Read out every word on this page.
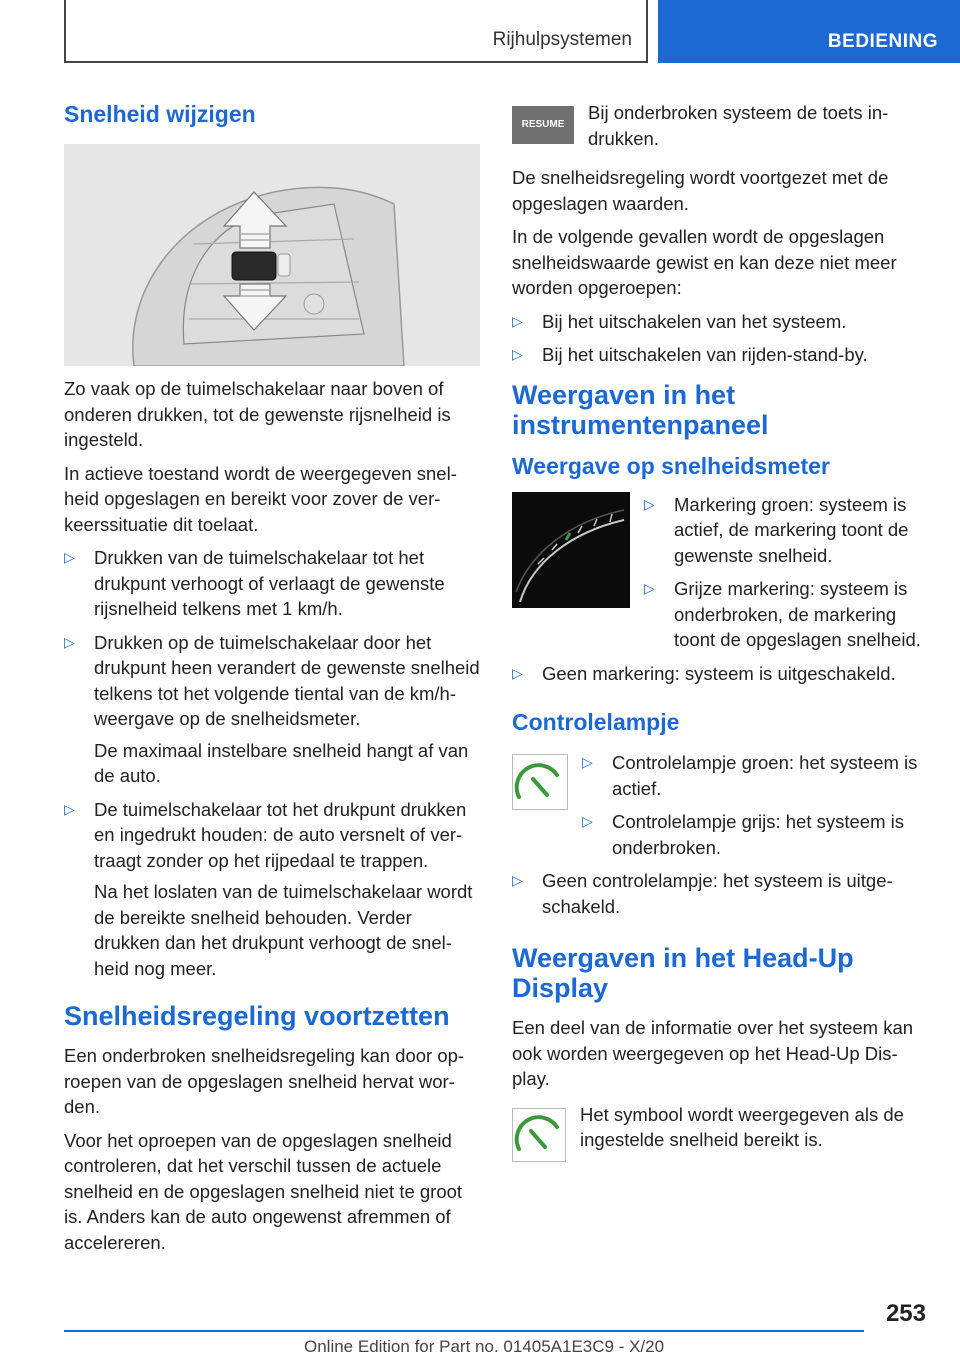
Rijhulpsystemen	BEDIENING
Snelheid wijzigen

Zo vaak op de tuimelschakelaar naar boven of onderen drukken, tot de gewenste rijsnelheid is ingesteld.

In actieve toestand wordt de weergegeven snelheid opgeslagen en bereikt voor zover de verkeerssituatie dit toelaat.

▷ Drukken van de tuimelschakelaar tot het drukpunt verhoogt of verlaagt de gewenste rijsnelheid telkens met 1 km/h.
▷ Drukken op de tuimelschakelaar door het drukpunt heen verandert de gewenste snelheid telkens tot het volgende tiental van de km/h-weergave op de snelheidsmeter.
De maximaal instelbare snelheid hangt af van de auto.
▷ De tuimelschakelaar tot het drukpunt drukken en ingedrukt houden: de auto versnelt of vertraagt zonder op het rijpedaal te trappen.
Na het loslaten van de tuimelschakelaar wordt de bereikte snelheid behouden. Verder drukken dan het drukpunt verhoogt de snelheid nog meer.
Snelheidsregeling voortzetten

Een onderbroken snelheidsregeling kan door oproepen van de opgeslagen snelheid hervat worden.

Voor het oproepen van de opgeslagen snelheid controleren, dat het verschil tussen de actuele snelheid en de opgeslagen snelheid niet te groot is. Anders kan de auto ongewenst afremmen of accelereren.

RESUME
Bij onderbroken systeem de toets indrukken.

De snelheidsregeling wordt voortgezet met de opgeslagen waarden.

In de volgende gevallen wordt de opgeslagen snelheidswaarde gewist en kan deze niet meer worden opgeroepen:

▷ Bij het uitschakelen van het systeem.
▷ Bij het uitschakelen van rijden-stand-by.
Weergaven in het instrumentenpaneel
Weergave op snelheidsmeter
▷ Markering groen: systeem is actief, de markering toont de gewenste snelheid.
▷ Grijze markering: systeem is onderbroken, de markering toont de opgeslagen snelheid.
▷ Geen markering: systeem is uitgeschakeld.
Controlelampje
▷ Controlelampje groen: het systeem is actief.
▷ Controlelampje grijs: het systeem is onderbroken.
▷ Geen controlelampje: het systeem is uitgeschakeld.
Weergaven in het Head-Up Display

Een deel van de informatie over het systeem kan ook worden weergegeven op het Head-Up Display.

Het symbool wordt weergegeven als de ingestelde snelheid bereikt is.
253
Online Edition for Part no. 01405A1E3C9 - X/20
